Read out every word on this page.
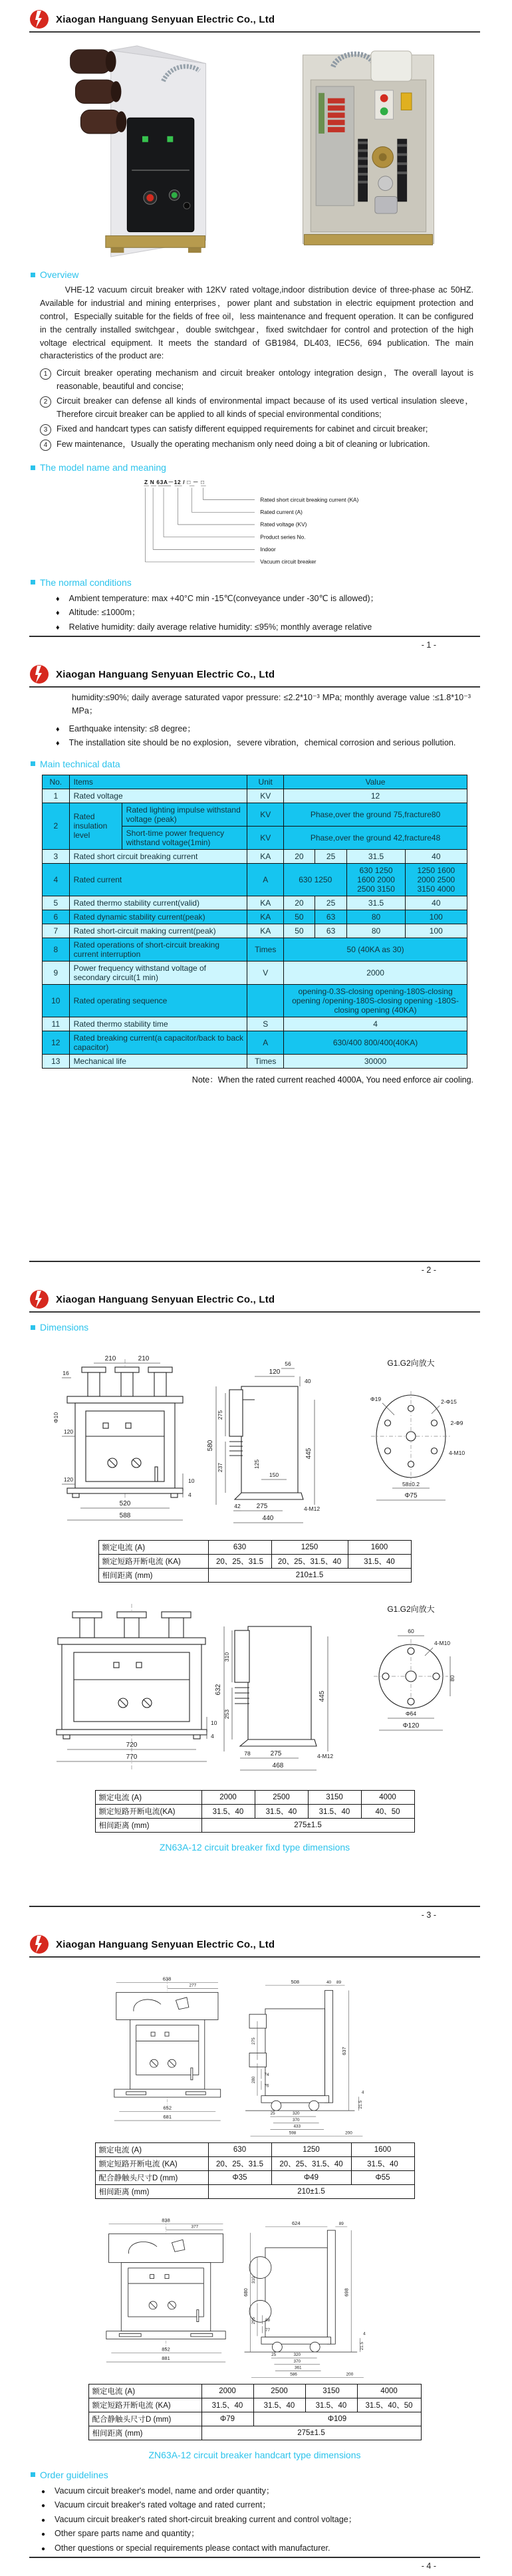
Xiaogan Hanguang Senyuan Electric Co., Ltd
Overview

VHE-12 vacuum circuit breaker with 12KV rated voltage,indoor distribution device of three-phase ac 50HZ. Available for industrial and mining enterprises，power plant and substation in electric equipment protection and control，Especially suitable for the fields of free oil，less maintenance and frequent operation. It can be configured in the centrally installed switchgear，double switchgear，fixed switchdaer for control and protection of the high voltage electrical equipment. It meets the standard of GB1984, DL403, IEC56, 694 publication. The main characteristics of the product are:

1	Circuit breaker operating mechanism and circuit breaker ontology integration design，The overall layout is reasonable, beautiful and concise;
2	Circuit breaker can defense all kinds of environmental impact because of its used vertical insulation sleeve，Therefore circuit breaker can be applied to all kinds of special environmental conditions;
3	Fixed and handcart types can satisfy different equipped requirements for cabinet and circuit breaker;
4	Few maintenance，Usually the operating mechanism only need doing a bit of cleaning or lubrication.
The model name and meaning
Z N 63A－12 / □ － □
Rated short circuit breaking current (KA)
Rated current (A)
Rated voltage (KV)
Product series No.
Indoor
Vacuum circuit breaker
The normal conditions
♦ Ambient temperature: max +40°C min -15℃(conveyance under -30℃ is allowed)；
♦ Altitude: ≤1000m；
♦ Relative humidity: daily average relative humidity: ≤95%; monthly average relative
- 1 -
Xiaogan Hanguang Senyuan Electric Co., Ltd

humidity:≤90%; daily average saturated vapor pressure: ≤2.2*10⁻³ MPa; monthly average value :≤1.8*10⁻³ MPa；

♦ Earthquake intensity: ≤8 degree；
♦ The installation site should be no explosion，severe vibration，chemical corrosion and serious pollution.
Main technical data
No.	Items		Unit	Value			
1	Rated voltage		KV	12			
2	Rated insulation level	Rated lighting impulse withstand voltage (peak)	KV	Phase,over the ground 75,fracture80			
		Short-time power frequency withstand voltage(1min)	KV	Phase,over the ground 42,fracture48			
3	Rated short circuit breaking current		KA	20	25	31.5	40
4	Rated current		A	630 1250		630 1250 1600 2000 2500 3150	1250 1600 2000 2500 3150 4000
5	Rated thermo stability current(valid)		KA	20	25	31.5	40
6	Rated dynamic stability current(peak)		KA	50	63	80	100
7	Rated short-circuit making current(peak)		KA	50	63	80	100
8	Rated operations of short-circuit breaking current interruption		Times	50 (40KA as 30)			
9	Power frequency withstand voltage of secondary circuit(1 min)		V	2000			
10	Rated operating sequence			opening-0.3S-closing opening-180S-closing opening /opening-180S-closing opening -180S- closing opening (40KA)			
11	Rated thermo stability time		S	4			
12	Rated breaking current(a capacitor/back to back capacitor)		A	630/400 800/400(40KA)			
13	Mechanical life		Times	30000			

Note：When the rated current reached 4000A, You need enforce air cooling.

- 2 -
Xiaogan Hanguang Senyuan Electric Co., Ltd
Dimensions
16
210	210
Φ10
120
120	10
4
520
588
120
56
40
580
275
237	125
150
42 275
440
445
4-M12
G1.G2向放大
Φ19	2-Φ15
2-Φ9
4-M10
58±0.2
Φ75
额定电流 (A)	630	1250	1600
额定短路开断电流 (KA)	20、25、31.5	20、25、31.5、40	31.5、40
相间距离 (mm)	210±1.5		
720
770
10
4
632
310
253
78	275
468
445
4-M12
G1.G2向放大
60
80
4-M10
Φ64
Φ120
额定电流 (A)	2000	2500	3150	4000
额定短路开断电流(KA)	31.5、40	31.5、40	31.5、40	40、50
相间距离 (mm)	275±1.5			

ZN63A-12 circuit breaker fixd type dimensions

- 3 -
Xiaogan Hanguang Senyuan Electric Co., Ltd
638
277
652
681
508	40 89
275
280
74
76
637
25	320
370
433
598	200
21.5
4
额定电流 (A)	630	1250	1600
额定短路开断电流 (KA)	20、25、31.5	20、25、31.5、40	31.5、40
配合静触头尺寸D (mm)	Φ35	Φ49	Φ55
相间距离 (mm)	210±1.5		
838
377
852
881
624	89
310
680
295 88
77
698
25	320
370
361
586	200
4
21.5
额定电流 (A)	2000	2500	3150	4000
额定短路开断电流 (KA)	31.5、40	31.5、40	31.5、40	31.5、40、50
配合静触头尺寸D (mm)	Φ79	Φ109		
相间距离 (mm)	275±1.5			

ZN63A-12 circuit breaker handcart type dimensions

Order guidelines
● Vacuum circuit breaker's model, name and order quantity；
● Vacuum circuit breaker's rated voltage and rated current；
● Vacuum circuit breaker's rated short-circuit breaking current and control voltage；
● Other spare parts name and quantity；
● Other questions or special requirements please contact with manufacturer.
- 4 -
